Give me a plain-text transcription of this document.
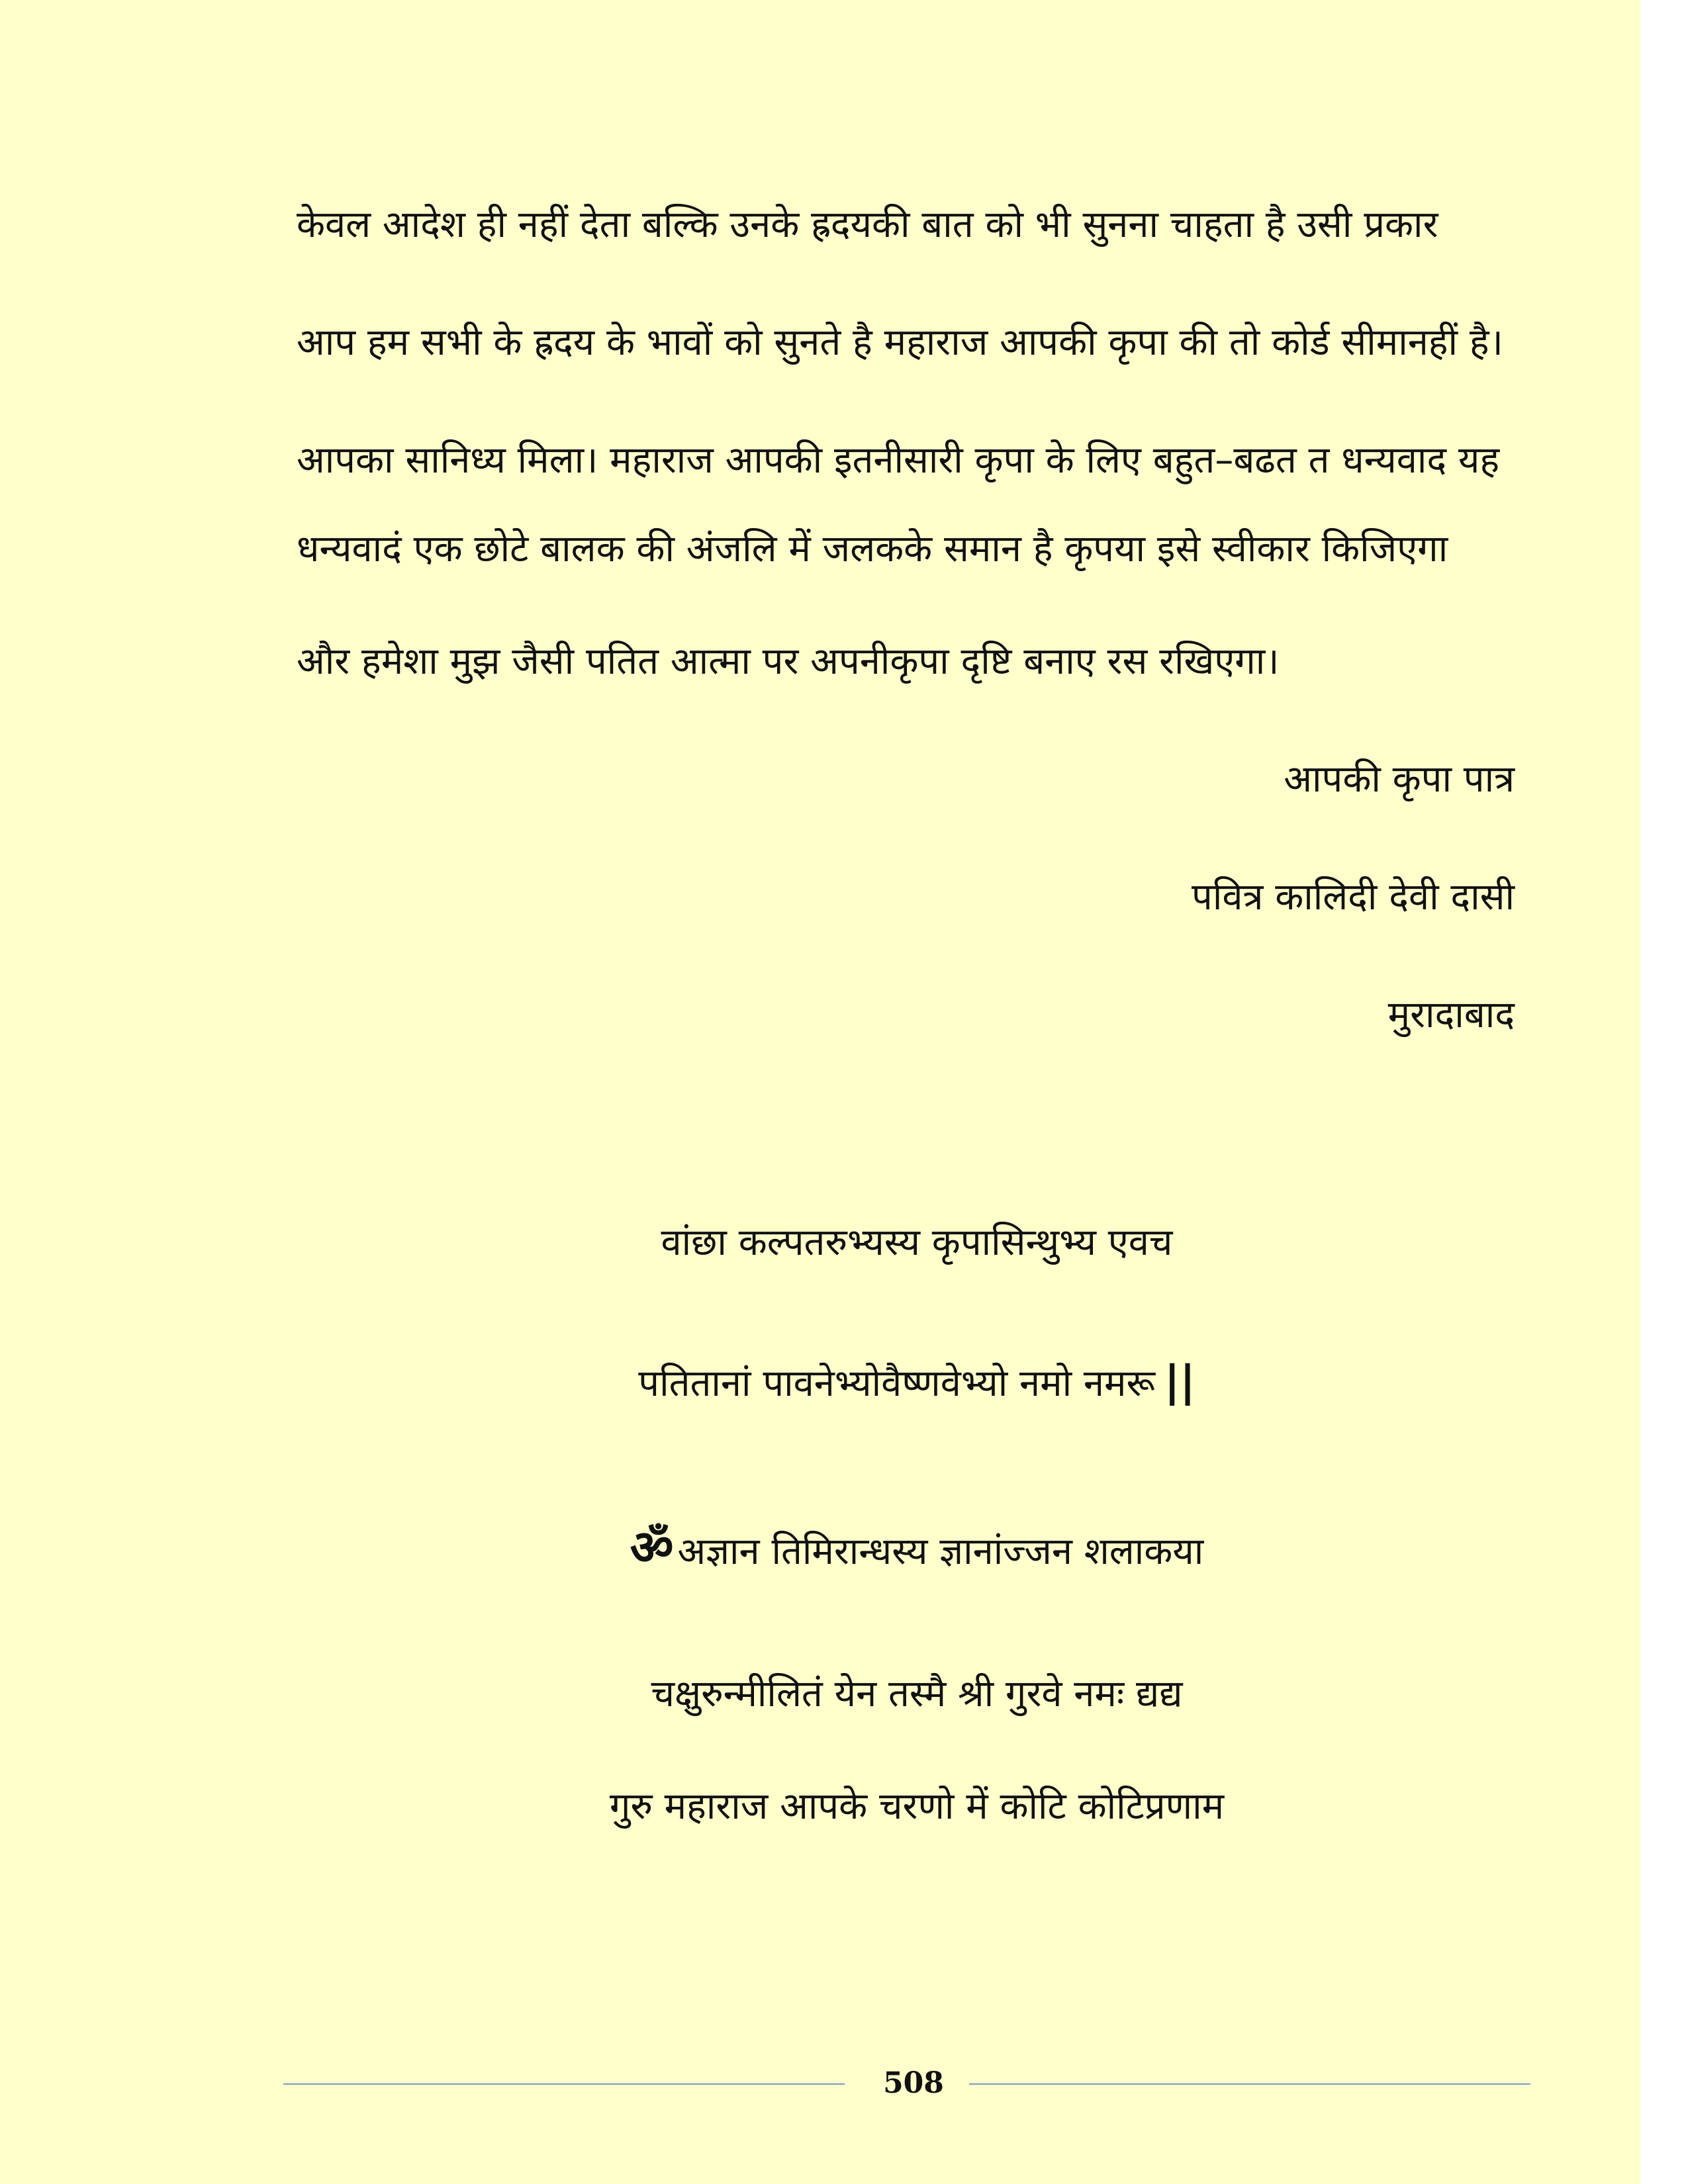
केवल आदेश ही नहीं देता बल्कि उनके ह्रदयकी बात को भी सुनना चाहता है उसी प्रकार
आप हम सभी के ह्रदय के भावों को सुनते है महाराज आपकी कृपा की तो कोर्ड सीमानहीं है।
आपका सानिध्य मिला। महाराज आपकी इतनीसारी कृपा के लिए बहुत–बढत त धन्यवाद यह
धन्यवादं एक छोटे बालक की अंजलि में जलकके समान है कृपया इसे स्वीकार किजिएगा
और हमेशा मुझ जैसी पतित आत्मा पर अपनीकृपा दृष्टि बनाए रस रखिएगा।
आपकी कृपा पात्र
पवित्र कालिदी देवी दासी
मुरादाबाद
वांछा कल्पतरुभ्यस्य कृपासिन्थुभ्य एवच
पतितानां पावनेभ्योवैष्णवेभ्यो नमो नमरू ||
ॐ अज्ञान तिमिरान्धस्य ज्ञानांज्जन शलाकया
चक्षुरुन्मीलितं येन तस्मै श्री गुरवे नमः द्यद्य
गुरु महाराज आपके चरणो में कोटि कोटिप्रणाम
508
